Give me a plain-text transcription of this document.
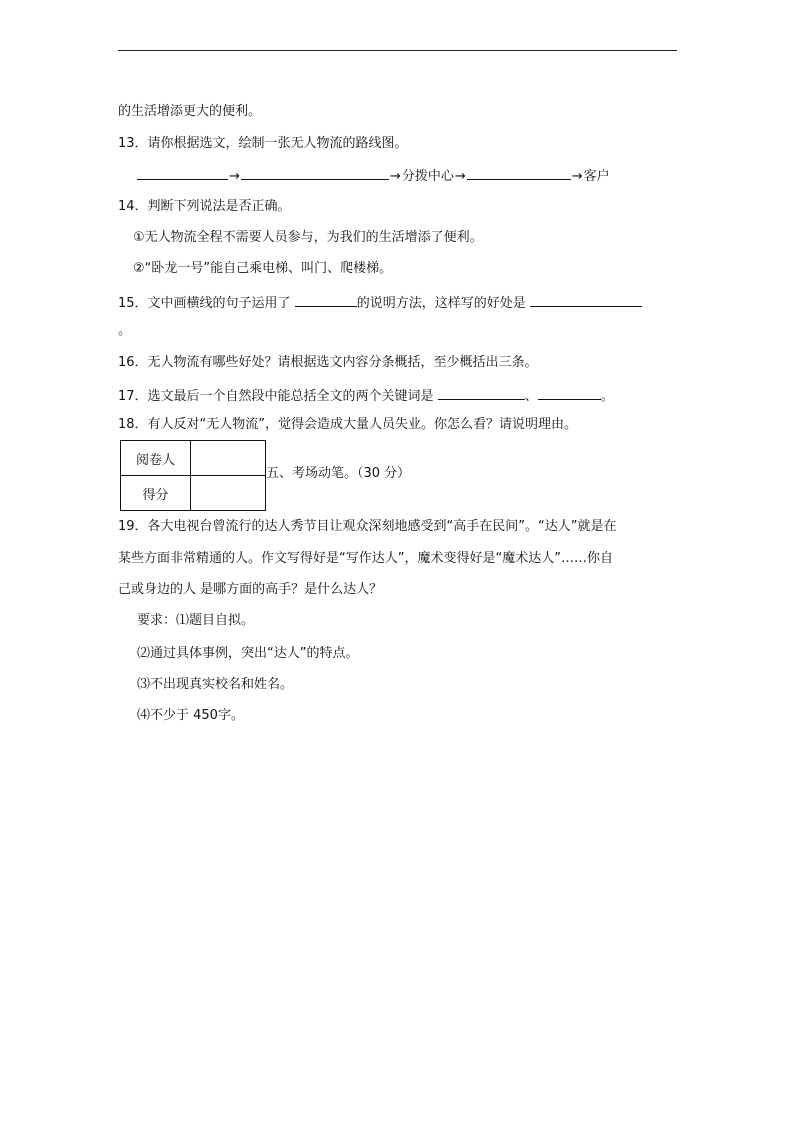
的生活增添更大的便利。
13．请你根据选文，绘制一张无人物流的路线图。
→	→分拨中心→	→客户
14．判断下列说法是否正确。
①无人物流全程不需要人员参与，为我们的生活增添了便利。
②“卧龙一号”能自己乘电梯、叫门、爬楼梯。
15．文中画横线的句子运用了	的说明方法，这样写的好处是
。
16．无人物流有哪些好处？请根据选文内容分条概括，至少概括出三条。
17．选文最后一个自然段中能总括全文的两个关键词是	、	。
18．有人反对“无人物流”，觉得会造成大量人员失业。你怎么看？请说明理由。
阅卷人	
得分	
五、考场动笔。（30 分）
19．各大电视台曾流行的达人秀节目让观众深刻地感受到“高手在民间”。“达人”就是在
某些方面非常精通的人。作文写得好是“写作达人”，魔术变得好是“魔术达人”……你自
己或身边的人 是哪方面的高手？是什么达人？
要求：⑴题目自拟。
⑵通过具体事例，突出“达人”的特点。
⑶不出现真实校名和姓名。
⑷不少于 450字。
